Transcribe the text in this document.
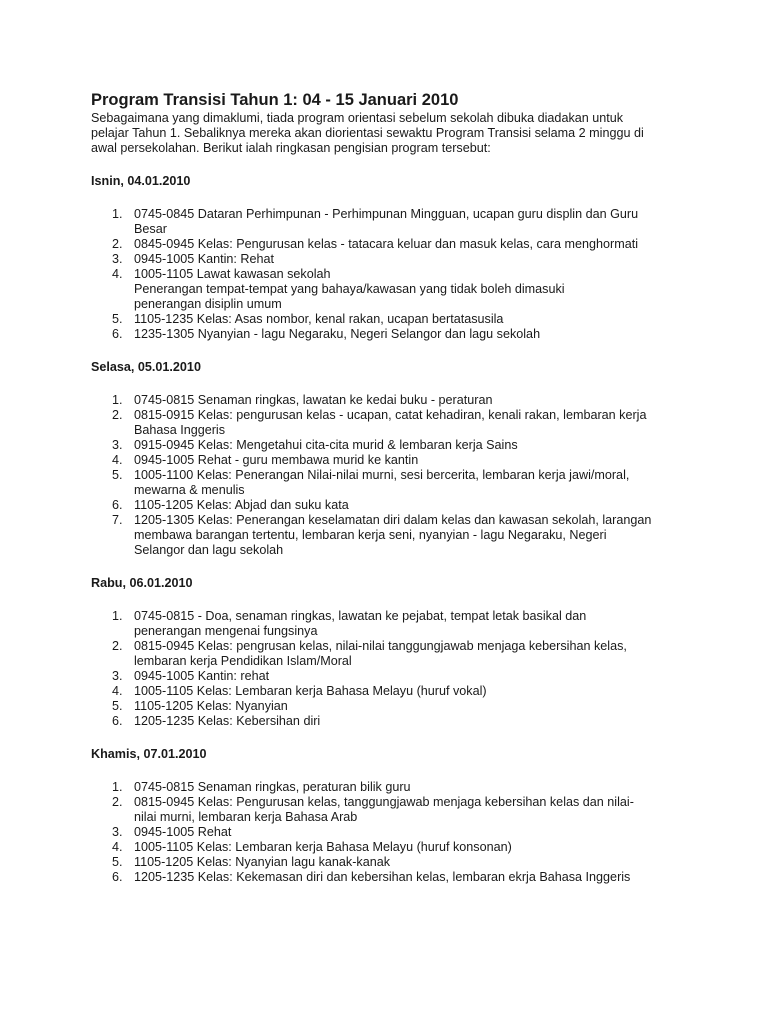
Program Transisi Tahun 1: 04 - 15 Januari 2010
Sebagaimana yang dimaklumi, tiada program orientasi sebelum sekolah dibuka diadakan untuk
pelajar Tahun 1. Sebaliknya mereka akan diorientasi sewaktu Program Transisi selama 2 minggu di
awal persekolahan. Berikut ialah ringkasan pengisian program tersebut:
Isnin, 04.01.2010
1. 0745-0845 Dataran Perhimpunan - Perhimpunan Mingguan, ucapan guru displin dan Guru
Besar
2. 0845-0945 Kelas: Pengurusan kelas - tatacara keluar dan masuk kelas, cara menghormati
3. 0945-1005 Kantin: Rehat
4. 1005-1105 Lawat kawasan sekolah
Penerangan tempat-tempat yang bahaya/kawasan yang tidak boleh dimasuki
penerangan disiplin umum
5. 1105-1235 Kelas: Asas nombor, kenal rakan, ucapan bertatasusila
6. 1235-1305 Nyanyian - lagu Negaraku, Negeri Selangor dan lagu sekolah
Selasa, 05.01.2010
1. 0745-0815 Senaman ringkas, lawatan ke kedai buku - peraturan
2. 0815-0915 Kelas: pengurusan kelas - ucapan, catat kehadiran, kenali rakan, lembaran kerja
Bahasa Inggeris
3. 0915-0945 Kelas: Mengetahui cita-cita murid & lembaran kerja Sains
4. 0945-1005 Rehat - guru membawa murid ke kantin
5. 1005-1100 Kelas: Penerangan Nilai-nilai murni, sesi bercerita, lembaran kerja jawi/moral,
mewarna & menulis
6. 1105-1205 Kelas: Abjad dan suku kata
7. 1205-1305 Kelas: Penerangan keselamatan diri dalam kelas dan kawasan sekolah, larangan
membawa barangan tertentu, lembaran kerja seni, nyanyian - lagu Negaraku, Negeri
Selangor dan lagu sekolah
Rabu, 06.01.2010
1. 0745-0815 - Doa, senaman ringkas, lawatan ke pejabat, tempat letak basikal dan
penerangan mengenai fungsinya
2. 0815-0945 Kelas: pengrusan kelas, nilai-nilai tanggungjawab menjaga kebersihan kelas,
lembaran kerja Pendidikan Islam/Moral
3. 0945-1005 Kantin: rehat
4. 1005-1105 Kelas: Lembaran kerja Bahasa Melayu (huruf vokal)
5. 1105-1205 Kelas: Nyanyian
6. 1205-1235 Kelas: Kebersihan diri
Khamis, 07.01.2010
1. 0745-0815 Senaman ringkas, peraturan bilik guru
2. 0815-0945 Kelas: Pengurusan kelas, tanggungjawab menjaga kebersihan kelas dan nilai-
nilai murni, lembaran kerja Bahasa Arab
3. 0945-1005 Rehat
4. 1005-1105 Kelas: Lembaran kerja Bahasa Melayu (huruf konsonan)
5. 1105-1205 Kelas: Nyanyian lagu kanak-kanak
6. 1205-1235 Kelas: Kekemasan diri dan kebersihan kelas, lembaran ekrja Bahasa Inggeris
